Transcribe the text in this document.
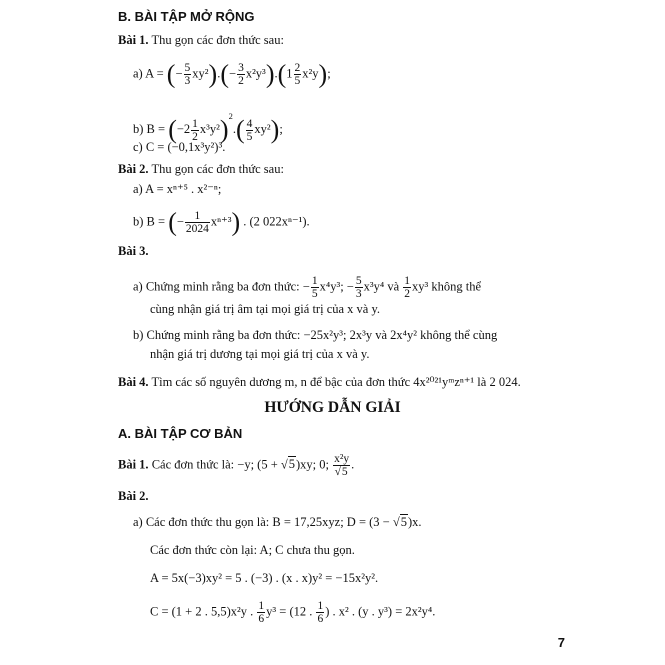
B. BÀI TẬP MỞ RỘNG
Bài 1. Thu gọn các đơn thức sau:
a) A = (− $\frac{5}{3} xy^2).(- \frac{3}{2} x^2y^3).(1 \frac{2}{5} x^2y)$;
b) $B = (-2 \frac{1}{2} x^3y^2)^2.( \frac{4}{5} xy^2)$;
c) C = (−0,1x³y²)³.
Bài 2. Thu gọn các đơn thức sau:
a) A = xⁿ⁺⁵ . x²⁻ⁿ;
b) B = (− $\frac{1}{2024} x^{n+3}$) . (2 022xⁿ⁻¹).
Bài 3.
a) Chứng minh rằng ba đơn thức: − $\frac{1}{5} x^4y^3$; − $\frac{5}{3} x^3y^4$ và $\frac{1}{2} xy^3$ không thể
cùng nhận giá trị âm tại mọi giá trị của x và y.
b) Chứng minh rằng ba đơn thức: −25x²y³; 2x³y và 2x⁴y² không thể cùng
nhận giá trị dương tại mọi giá trị của x và y.
Bài 4. Tìm các số nguyên dương m, n để bậc của đơn thức 4x²⁰²¹yᵐzⁿ⁺¹ là 2 024.
HƯỚNG DẪN GIẢI
A. BÀI TẬP CƠ BẢN
Bài 1. Các đơn thức là: −y; (5 + √5)xy; 0; $\frac{\text{x²y}}{√5}$ .
Bài 2.
a) Các đơn thức thu gọn là: B = 17,25xyz; D = (3 − √5)x.
Các đơn thức còn lại: A; C chưa thu gọn.
A = 5x(−3)xy² = 5 . (−3) . (x . x)y² = −15x²y².
C = (1 + 2 . 5,5)x²y . $\frac{1}{6} y^3 = (12$ . $\frac{1}{6}$ ) . x² . (y . y³) = 2x²y⁴.
7
